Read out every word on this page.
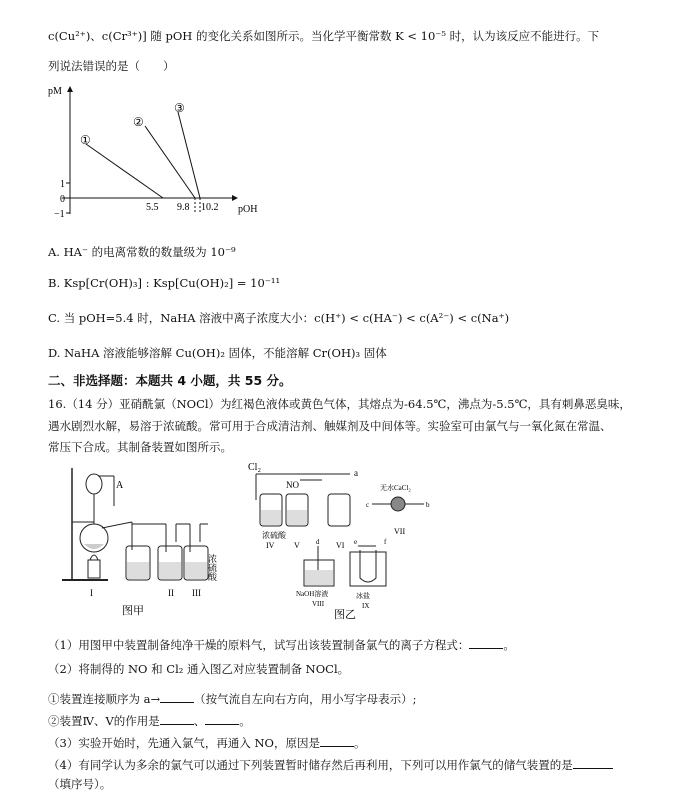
c(Cu²⁺)、c(Cr³⁺)] 随 pOH 的变化关系如图所示。当化学平衡常数 K < 10⁻⁵ 时，认为该反应不能进行。下
列说法错误的是（　　）
pM
pOH
1
0
−1
5.5 9.8 10.2
①
②
③
A. HA⁻ 的电离常数的数量级为 10⁻⁹
B. Ksp[Cr(OH)₃] : Ksp[Cu(OH)₂] = 10⁻¹¹
C. 当 pOH=5.4 时，NaHA 溶液中离子浓度大小：c(H⁺) < c(HA⁻) < c(A²⁻) < c(Na⁺)
D. NaHA 溶液能够溶解 Cu(OH)₂ 固体，不能溶解 Cr(OH)₃ 固体
二、非选择题：本题共 4 小题，共 55 分。
16.（14 分）亚硝酰氯（NOCl）为红褐色液体或黄色气体，其熔点为-64.5℃，沸点为-5.5℃，具有刺鼻恶臭味，
遇水剧烈水解，易溶于浓硫酸。常可用于合成清洁剂、触媒剂及中间体等。实验室可由氯气与一氧化氮在常温、
常压下合成。其制备装置如图所示。
A
浓硫酸
I	II III
图甲
Cl₂
NO
a
浓硫酸
IV V	VI
无水CaCl₂
c	b
VII
d
NaOH溶液
VIII
e	f
冰盐
IX
图乙
（1）用图甲中装置制备纯净干燥的原料气，试写出该装置制备氯气的离子方程式：	。
（2）将制得的 NO 和 Cl₂ 通入图乙对应装置制备 NOCl。
①装置连接顺序为 a→	（按气流自左向右方向，用小写字母表示）;
②装置Ⅳ、Ⅴ的作用是	、	。
（3）实验开始时，先通入氯气，再通入 NO，原因是	。
（4）有同学认为多余的氯气可以通过下列装置暂时储存然后再利用，下列可以用作氯气的储气装置的是
（填序号）。
